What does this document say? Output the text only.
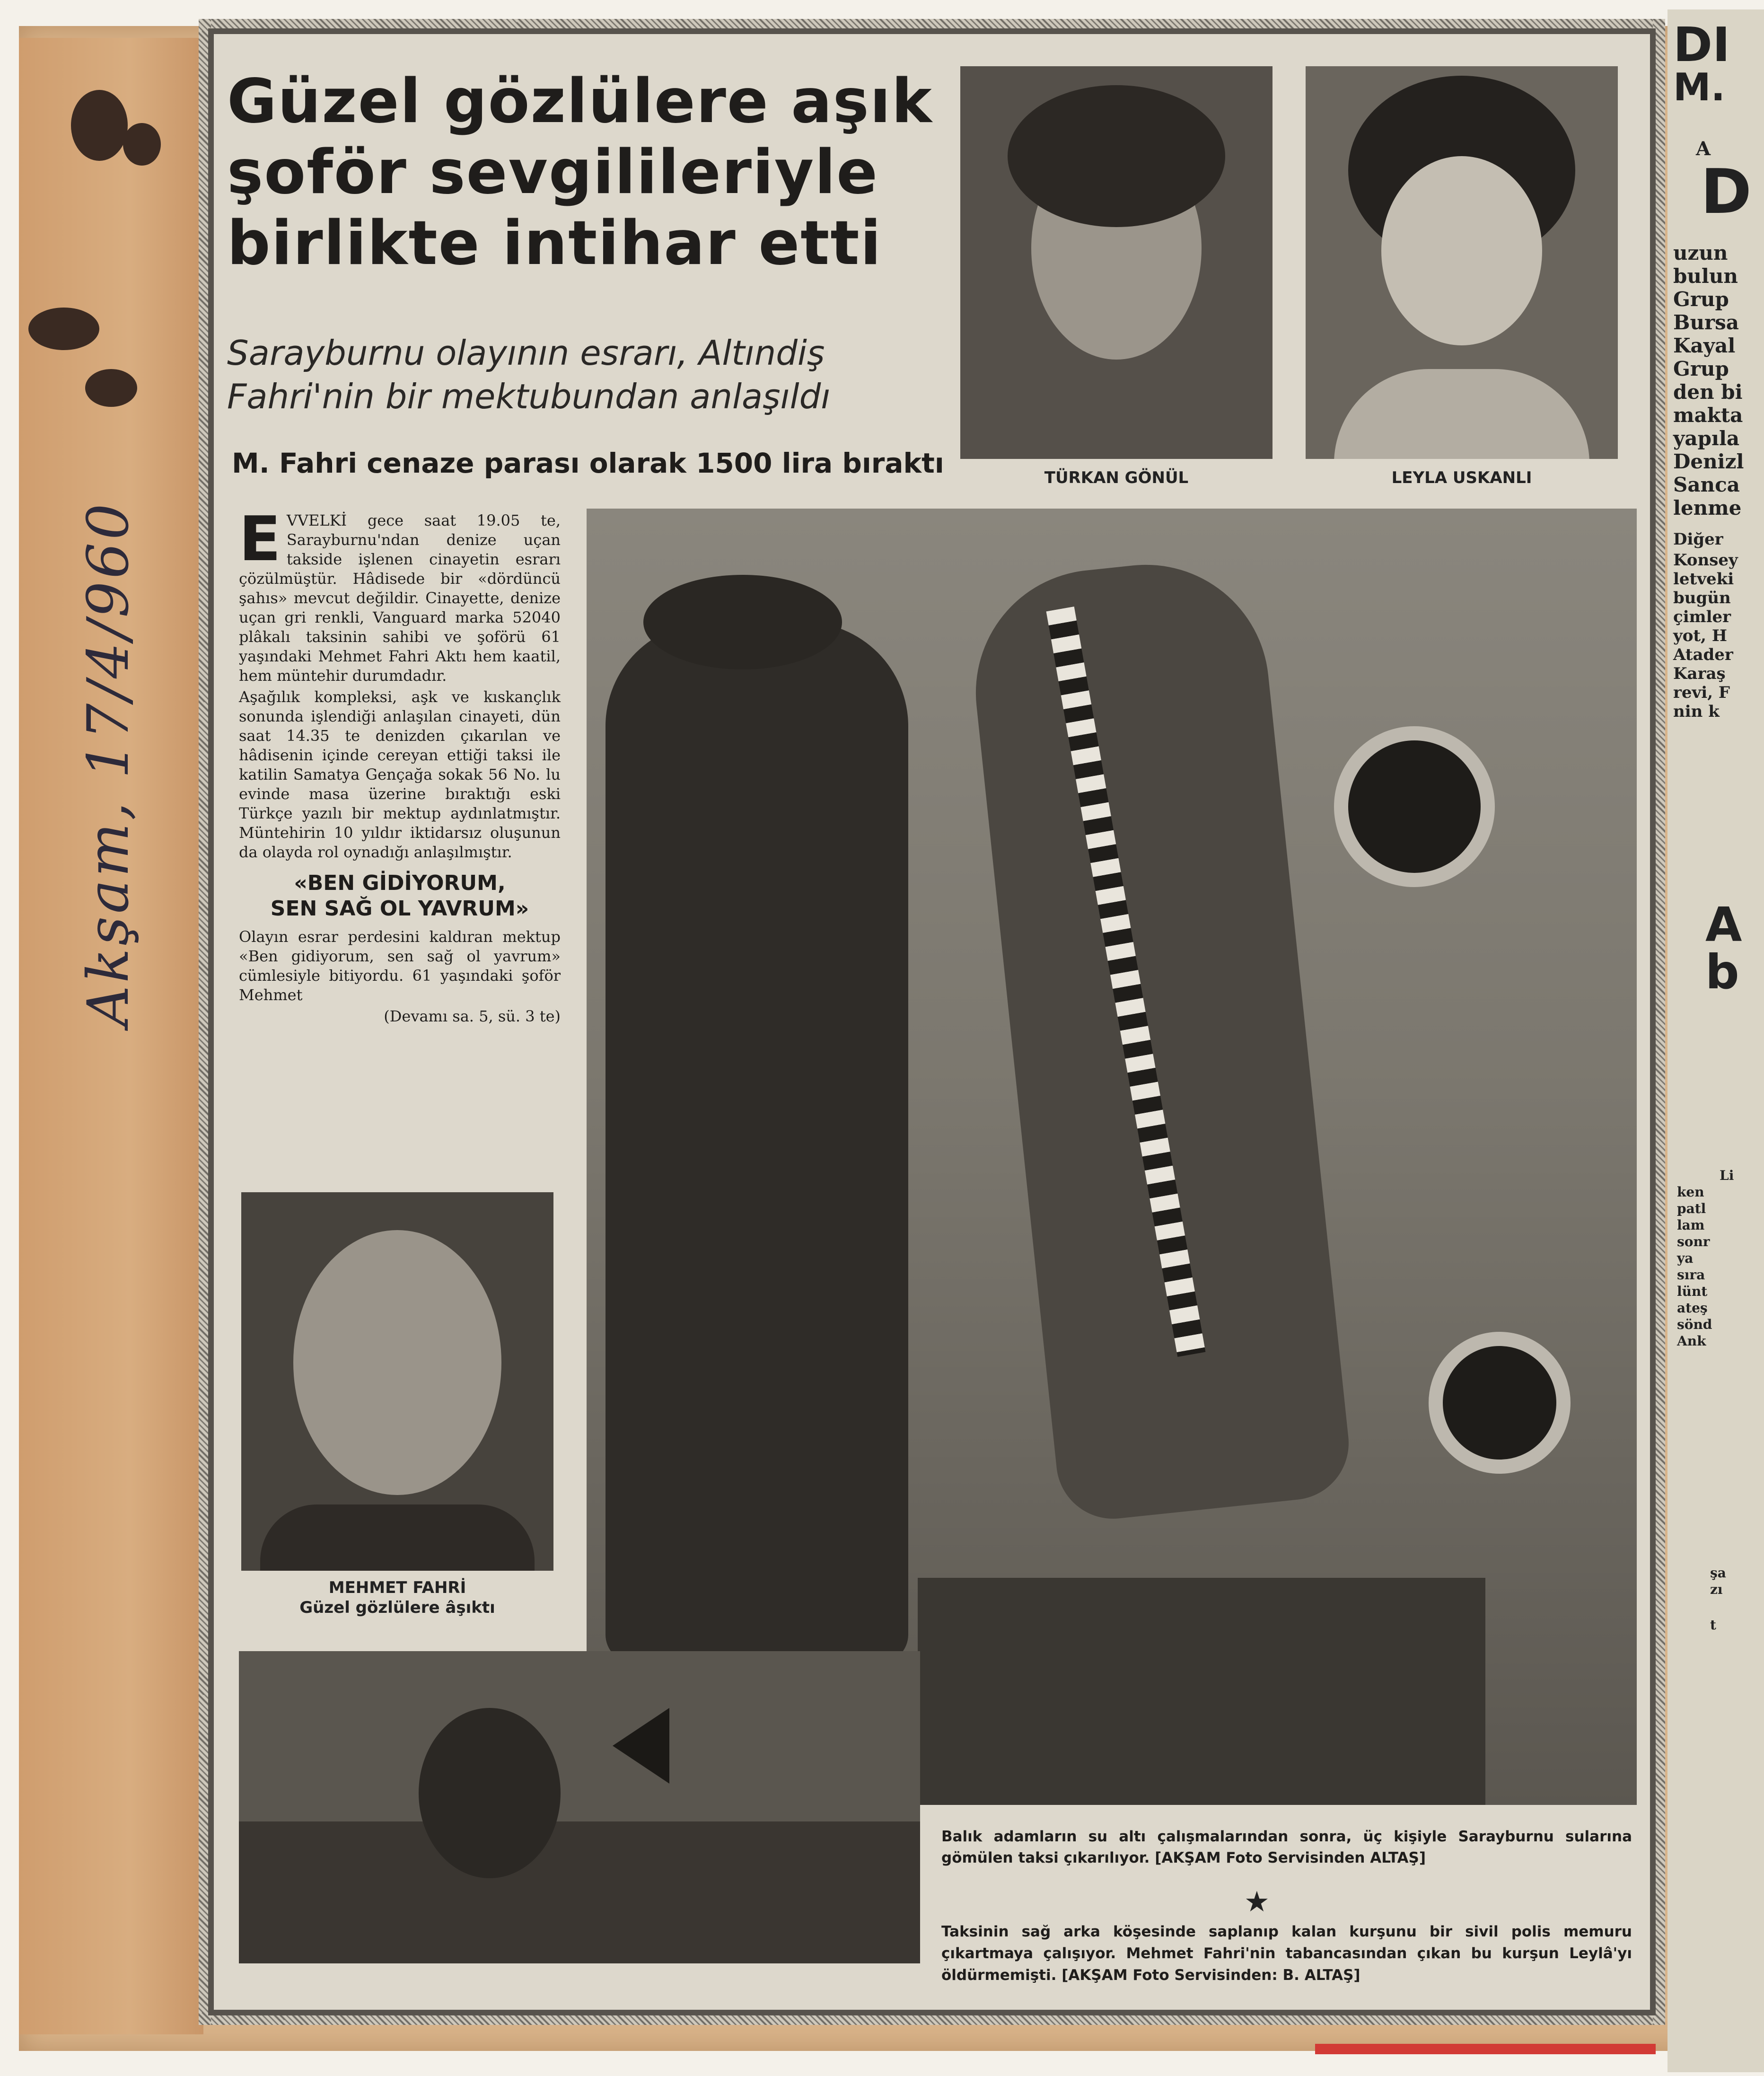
Akşam, 17/4/960
Güzel gözlülere aşık
şoför sevgilileriyle
birlikte intihar etti
Sarayburnu olayının esrarı, Altındiş
Fahri'nin bir mektubundan anlaşıldı
M. Fahri cenaze parası olarak 1500 lira bıraktı	TÜRKAN GÖNÜL	LEYLA USKANLI

EVVELKİ gece saat 19.05 te, Sarayburnu'ndan denize uçan takside işlenen cinayetin esrarı çözülmüştür. Hâdisede bir «dördüncü şahıs» mevcut değildir. Cinayette, denize uçan gri renkli, Vanguard marka 52040 plâkalı taksinin sahibi ve şoförü 61 yaşındaki Mehmet Fahri Aktı hem kaatil, hem müntehir durumdadır.

Aşağılık kompleksi, aşk ve kıskançlık sonunda işlendiği anlaşılan cinayeti, dün saat 14.35 te denizden çıkarılan ve hâdisenin içinde cereyan ettiği taksi ile katilin Samatya Gençağa sokak 56 No. lu evinde masa üzerine bıraktığı eski Türkçe yazılı bir mektup aydınlatmıştır. Müntehirin 10 yıldır iktidarsız oluşunun da olayda rol oynadığı anlaşılmıştır.

«BEN GİDİYORUM,
SEN SAĞ OL YAVRUM»

Olayın esrar perdesini kaldıran mektup «Ben gidiyorum, sen sağ ol yavrum» cümlesiyle bitiyordu. 61 yaşındaki şoför Mehmet

(Devamı sa. 5, sü. 3 te)

MEHMET FAHRİ
Güzel gözlülere âşıktı
Balık adamların su altı çalışmalarından sonra, üç kişiyle Sarayburnu sularına gömülen taksi çıkarılıyor. [AKŞAM Foto Servisinden ALTAŞ]
★
Taksinin sağ arka köşesinde saplanıp kalan kurşunu bir sivil polis memuru çıkartmaya çalışıyor. Mehmet Fahri'nin tabancasından çıkan bu kurşun Leylâ'yı öldürmemişti. [AKŞAM Foto Servisinden: B. ALTAŞ]
DI
M.
A
D
uzun
bulun
Grup
Bursa
Kayal
Grup
den bi
makta
yapıla
Denizl
Sanca
lenme
Diğer
Konsey
letveki
bugün
çimler
yot, H
Atader
Karaş
revi, F
nin k
A
b
Li
ken
patl
lam
sonr
ya
sıra
lünt
ateş
sönd
Ank
şa
zı
t
